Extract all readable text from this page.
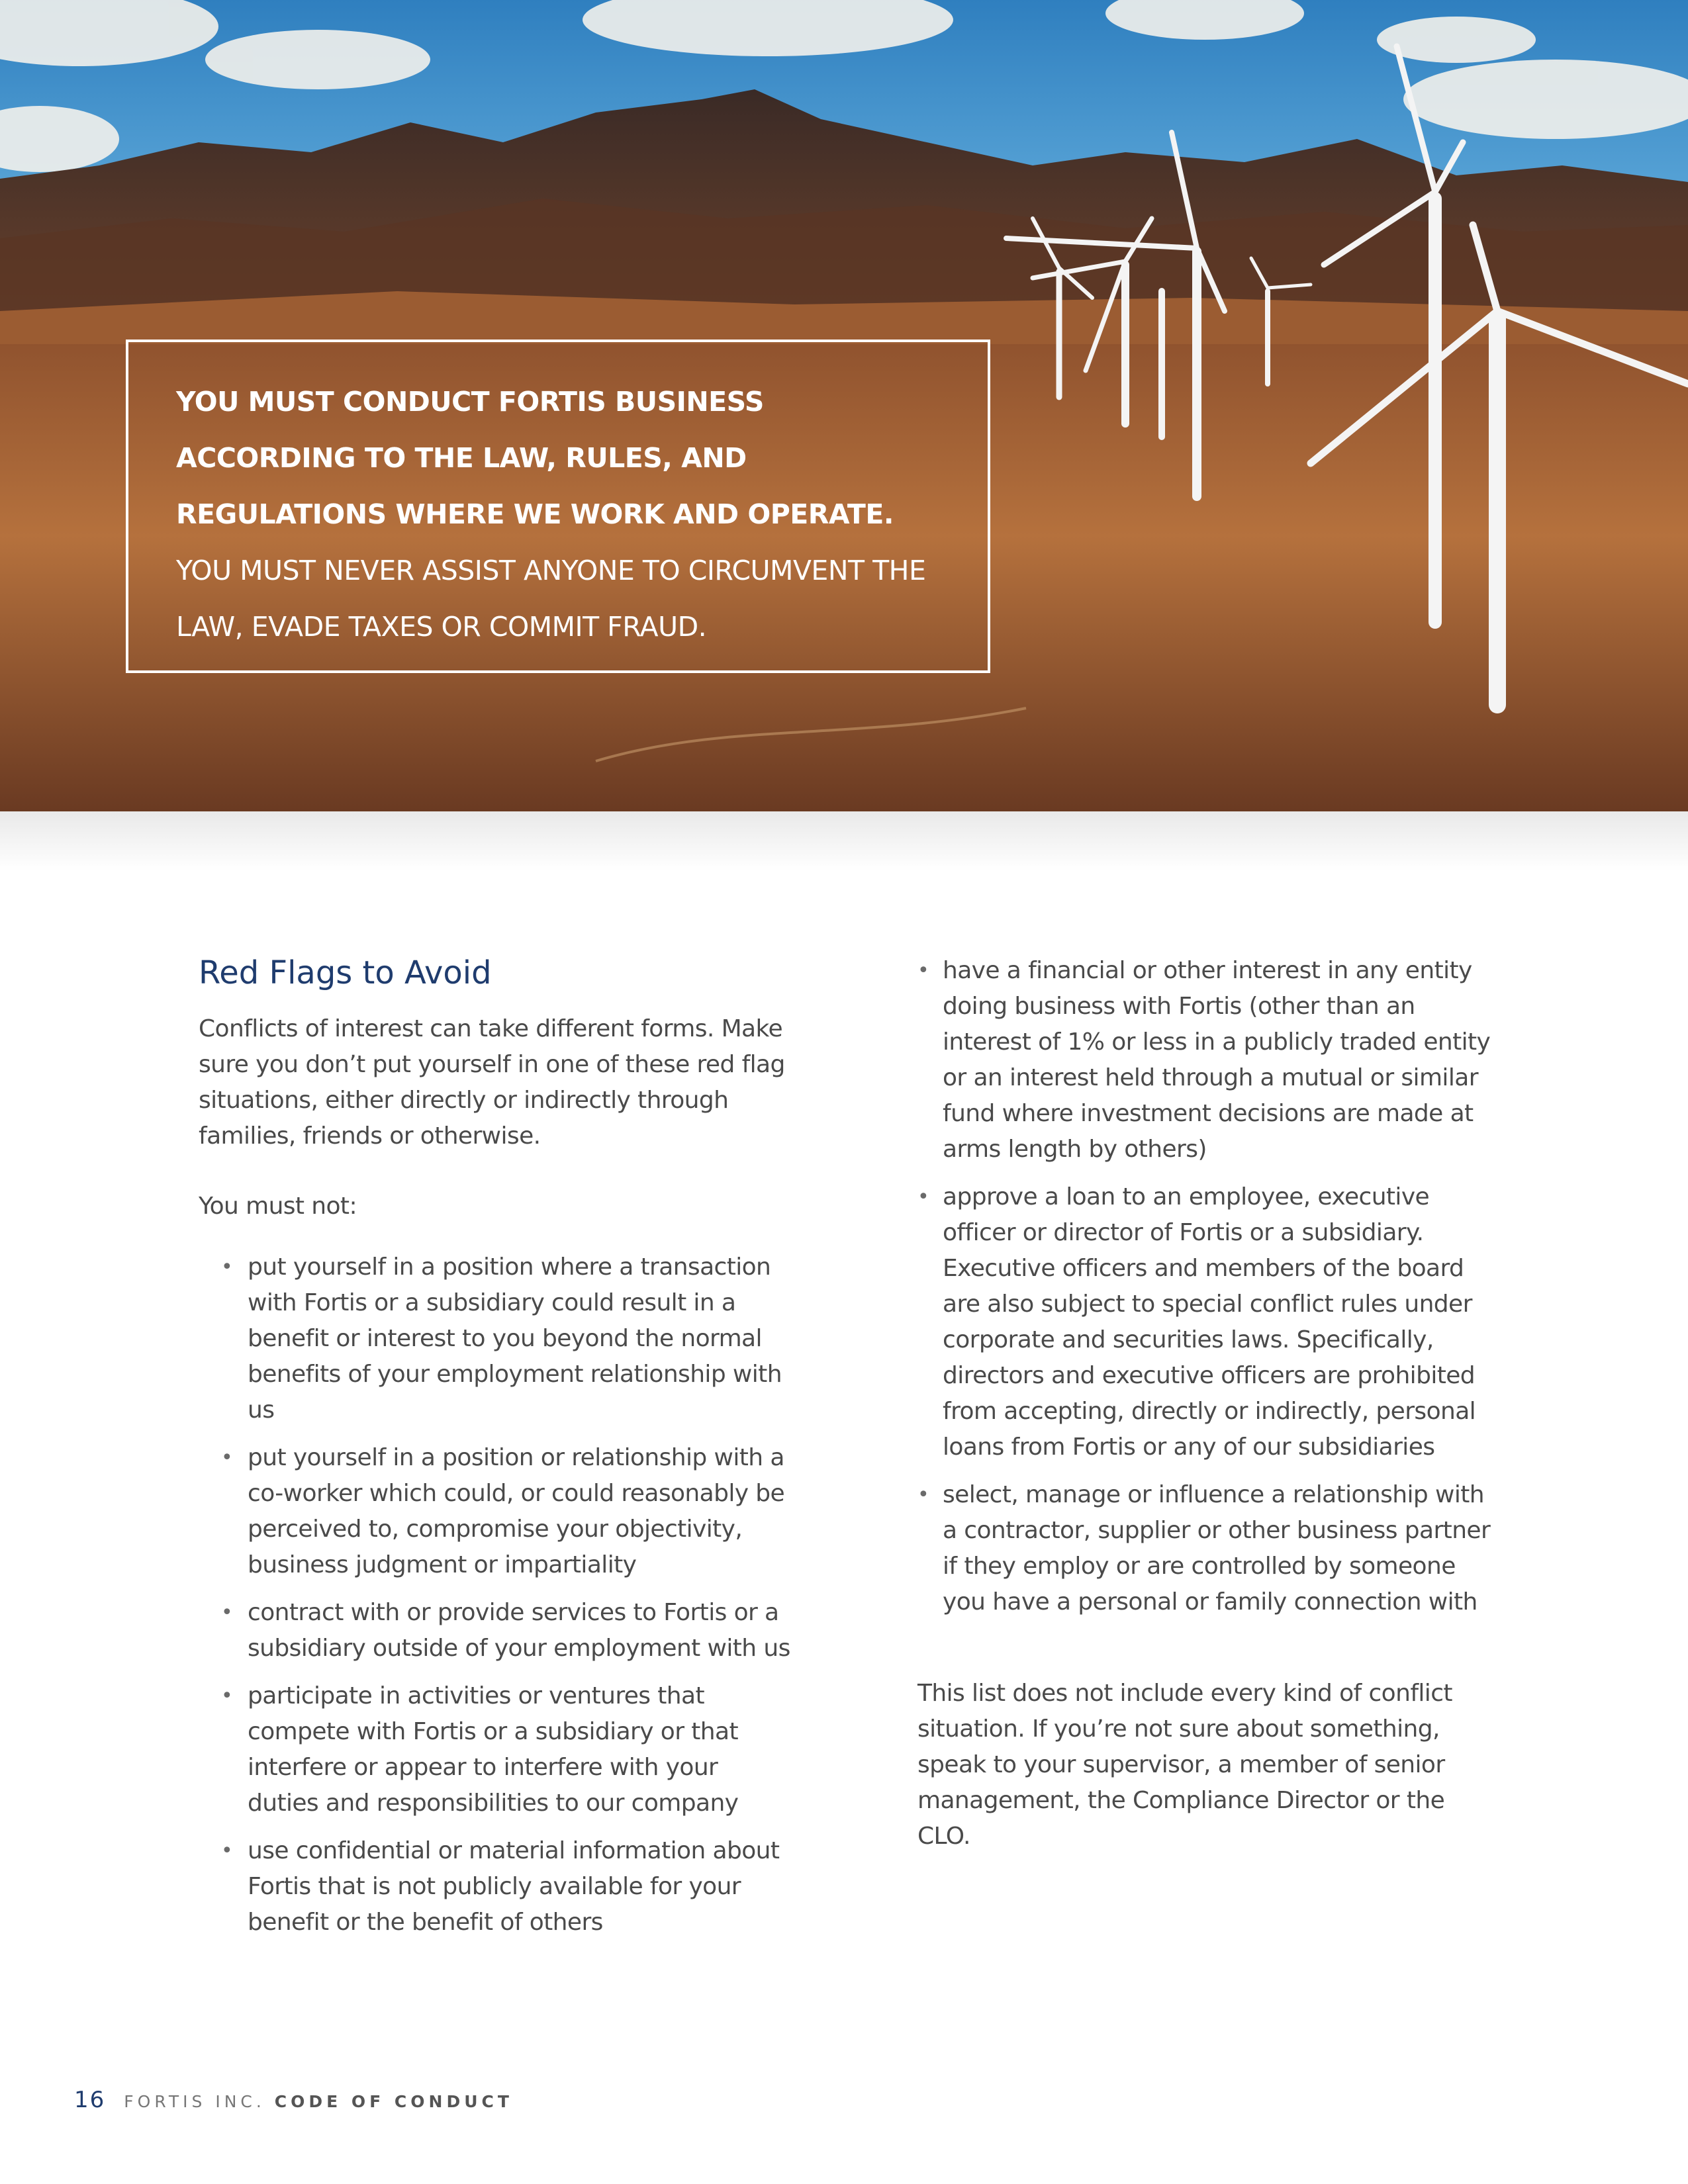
YOU MUST CONDUCT FORTIS BUSINESS ACCORDING TO THE LAW, RULES, AND REGULATIONS WHERE WE WORK AND OPERATE. YOU MUST NEVER ASSIST ANYONE TO CIRCUMVENT THE LAW, EVADE TAXES OR COMMIT FRAUD.
Red Flags to Avoid

Conflicts of interest can take different forms. Make sure you don’t put yourself in one of these red flag situations, either directly or indirectly through families, friends or otherwise.

You must not:

• put yourself in a position where a transaction with Fortis or a subsidiary could result in a benefit or interest to you beyond the normal benefits of your employment relationship with us
• put yourself in a position or relationship with a co-worker which could, or could reasonably be perceived to, compromise your objectivity, business judgment or impartiality
• contract with or provide services to Fortis or a subsidiary outside of your employment with us
• participate in activities or ventures that compete with Fortis or a subsidiary or that interfere or appear to interfere with your duties and responsibilities to our company
• use confidential or material information about Fortis that is not publicly available for your benefit or the benefit of others
• have a financial or other interest in any entity doing business with Fortis (other than an interest of 1% or less in a publicly traded entity or an interest held through a mutual or similar fund where investment decisions are made at arms length by others)
• approve a loan to an employee, executive officer or director of Fortis or a subsidiary. Executive officers and members of the board are also subject to special conflict rules under corporate and securities laws. Specifically, directors and executive officers are prohibited from accepting, directly or indirectly, personal loans from Fortis or any of our subsidiaries
• select, manage or influence a relationship with a contractor, supplier or other business partner if they employ or are controlled by someone you have a personal or family connection with

This list does not include every kind of conflict situation. If you’re not sure about something, speak to your supervisor, a member of senior management, the Compliance Director or the CLO.

16 FORTIS INC. CODE OF CONDUCT
